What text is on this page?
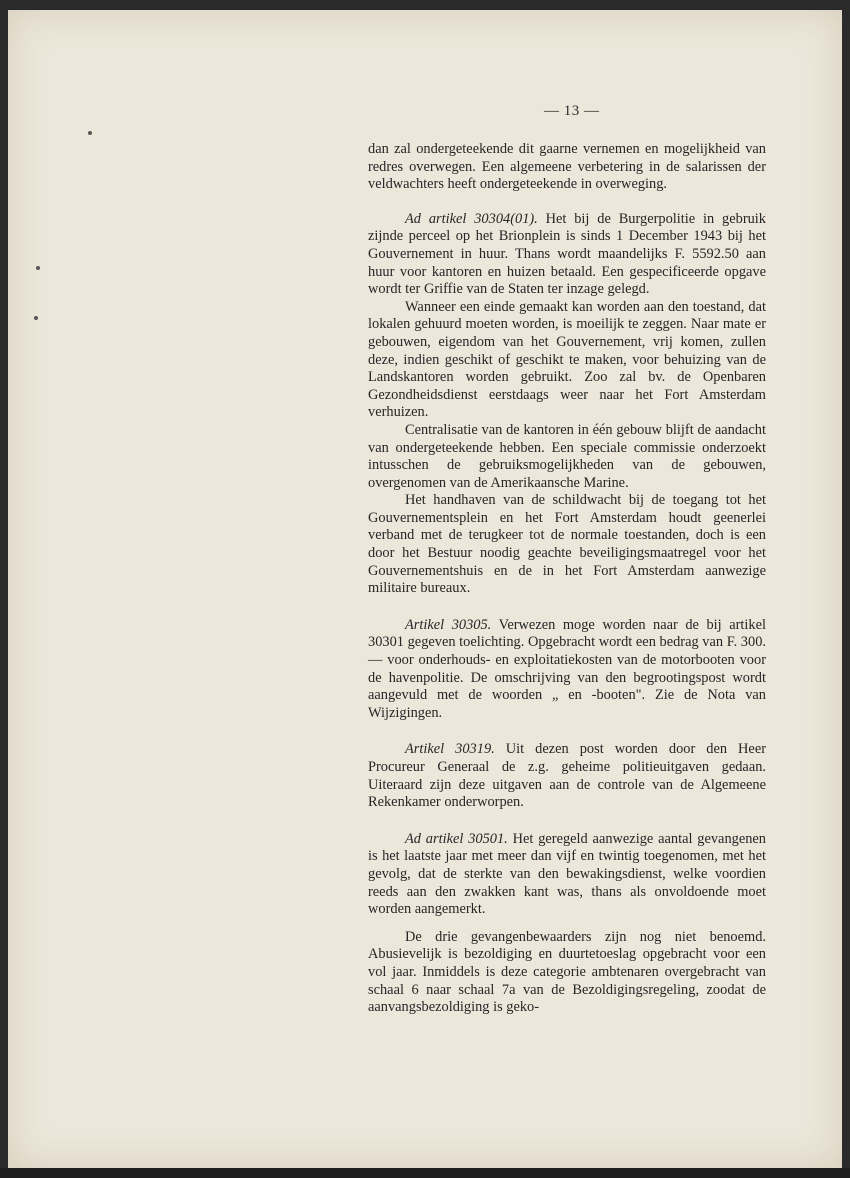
— 13 —

dan zal ondergeteekende dit gaarne vernemen en mogelijkheid van redres overwegen. Een algemeene verbetering in de salarissen der veldwachters heeft ondergeteekende in overweging.

Ad artikel 30304(01). Het bij de Burgerpolitie in gebruik zijnde perceel op het Brionplein is sinds 1 December 1943 bij het Gouvernement in huur. Thans wordt maandelijks F. 5592.50 aan huur voor kantoren en huizen betaald. Een gespecificeerde opgave wordt ter Griffie van de Staten ter inzage gelegd.

Wanneer een einde gemaakt kan worden aan den toestand, dat lokalen gehuurd moeten worden, is moeilijk te zeggen. Naar mate er gebouwen, eigendom van het Gouvernement, vrij komen, zullen deze, indien geschikt of geschikt te maken, voor behuizing van de Landskantoren worden gebruikt. Zoo zal bv. de Openbaren Gezondheidsdienst eerstdaags weer naar het Fort Amsterdam verhuizen.

Centralisatie van de kantoren in één gebouw blijft de aandacht van ondergeteekende hebben. Een speciale commissie onderzoekt intusschen de gebruiksmogelijkheden van de gebouwen, overgenomen van de Amerikaansche Marine.

Het handhaven van de schildwacht bij de toegang tot het Gouvernementsplein en het Fort Amsterdam houdt geenerlei verband met de terugkeer tot de normale toestanden, doch is een door het Bestuur noodig geachte beveiligingsmaatregel voor het Gouvernementshuis en de in het Fort Amsterdam aanwezige militaire bureaux.

Artikel 30305. Verwezen moge worden naar de bij artikel 30301 gegeven toelichting. Opgebracht wordt een bedrag van F. 300.— voor onderhouds- en exploitatiekosten van de motorbooten voor de havenpolitie. De omschrijving van den begrootingspost wordt aangevuld met de woorden „ en -booten". Zie de Nota van Wijzigingen.

Artikel 30319. Uit dezen post worden door den Heer Procureur Generaal de z.g. geheime politieuitgaven gedaan. Uiteraard zijn deze uitgaven aan de controle van de Algemeene Rekenkamer onderworpen.

Ad artikel 30501. Het geregeld aanwezige aantal gevangenen is het laatste jaar met meer dan vijf en twintig toegenomen, met het gevolg, dat de sterkte van den bewakingsdienst, welke voordien reeds aan den zwakken kant was, thans als onvoldoende moet worden aangemerkt.

De drie gevangenbewaarders zijn nog niet benoemd. Abusievelijk is bezoldiging en duurtetoeslag opgebracht voor een vol jaar. Inmiddels is deze categorie ambtenaren overgebracht van schaal 6 naar schaal 7a van de Bezoldigingsregeling, zoodat de aanvangsbezoldiging is geko-
